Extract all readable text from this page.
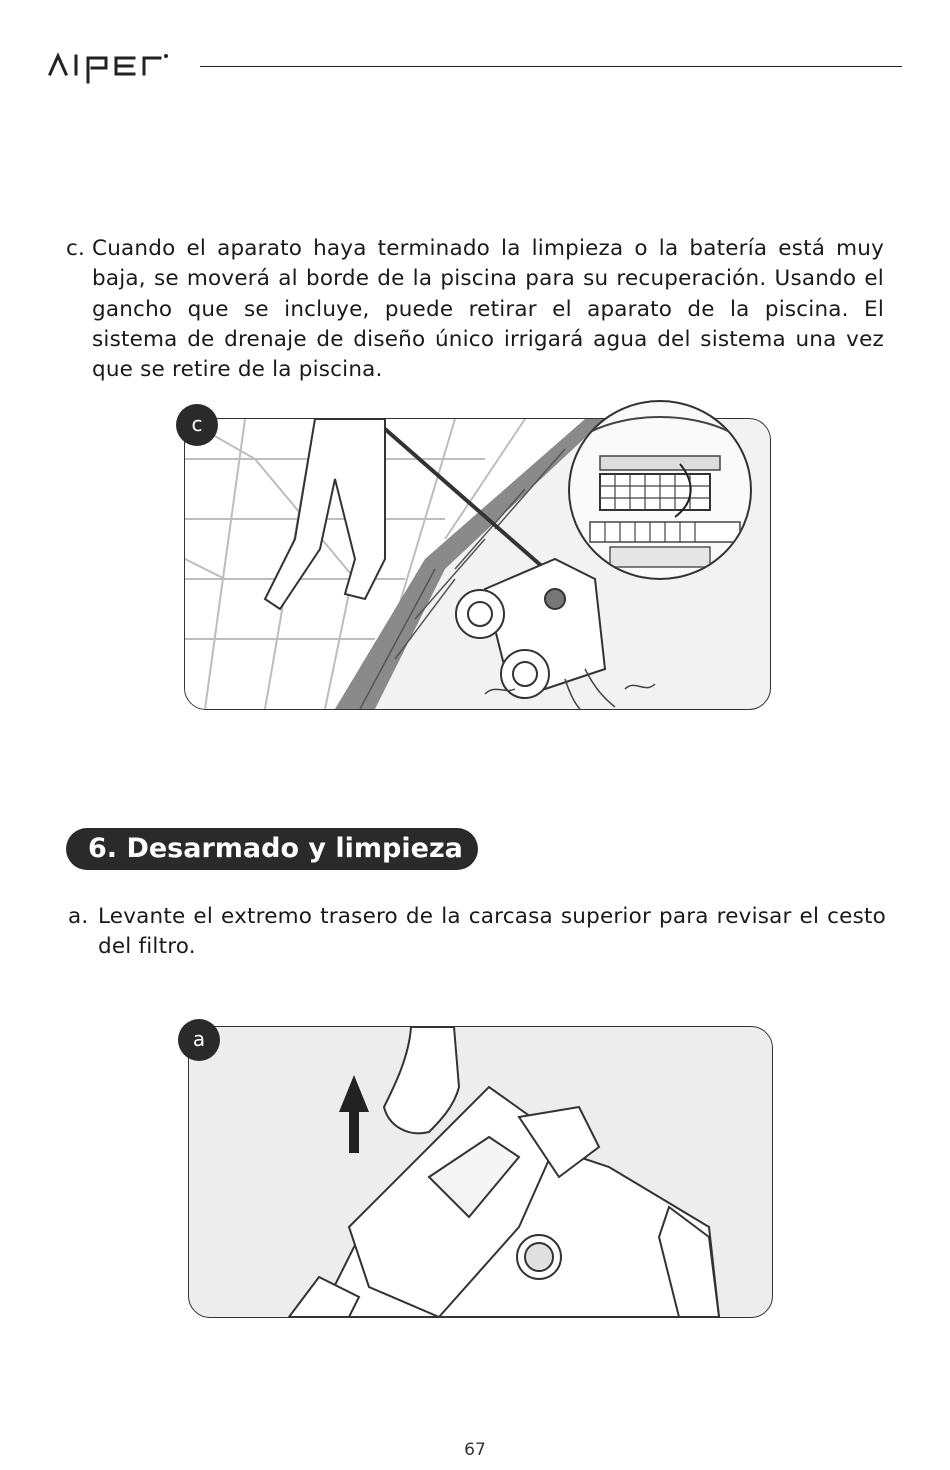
c. Cuando el aparato haya terminado la limpieza o la batería está muy baja, se moverá al borde de la piscina para su recuperación. Usando el gancho que se incluye, puede retirar el aparato de la piscina. El sistema de drenaje de diseño único irrigará agua del sistema una vez que se retire de la piscina.
c
6. Desarmado y limpieza
a. Levante el extremo trasero de la carcasa superior para revisar el cesto del filtro.
a
67
